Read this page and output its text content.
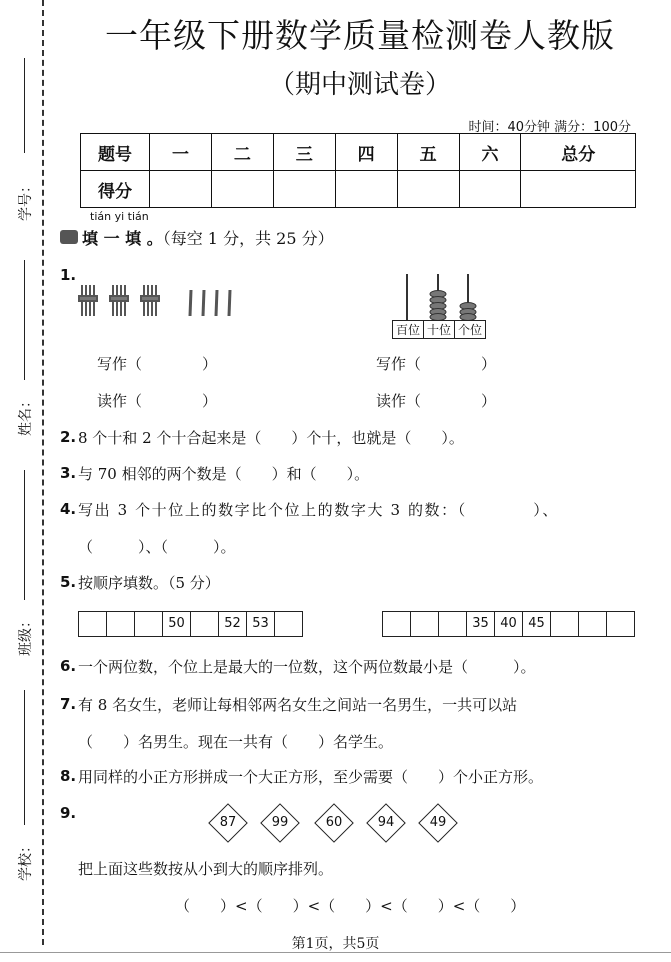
学号：
姓名：
班级：
学校：
一年级下册数学质量检测卷人教版
（期中测试卷）
时间：40分钟 满分：100分
题号	一	二	三	四	五	六	总分
得分							
tián yi tián
填 一 填 。（每空 1 分，共 25 分）
1.
百位 十位 个位
写作（　　　　）	写作（　　　　）
读作（　　　　）	读作（　　　　）
2. 8 个十和 2 个十合起来是（　　）个十，也就是（　　）。
3. 与 70 相邻的两个数是（　　）和（　　）。
4. 写出 3 个十位上的数字比个位上的数字大 3 的数：（　　　　）、
（　　　）、（　　　）。
5. 按顺序填数。（5 分）
50	52 53	35 40 45
6. 一个两位数，个位上是最大的一位数，这个两位数最小是（　　　）。
7. 有 8 名女生，老师让每相邻两名女生之间站一名男生，一共可以站
（　　）名男生。现在一共有（　　）名学生。
8. 用同样的小正方形拼成一个大正方形，至少需要（　　）个小正方形。
9.
87	99	60	94	49
把上面这些数按从小到大的顺序排列。
（　　）<（　　）<（　　）<（　　）<（　　）
第1页，共5页
